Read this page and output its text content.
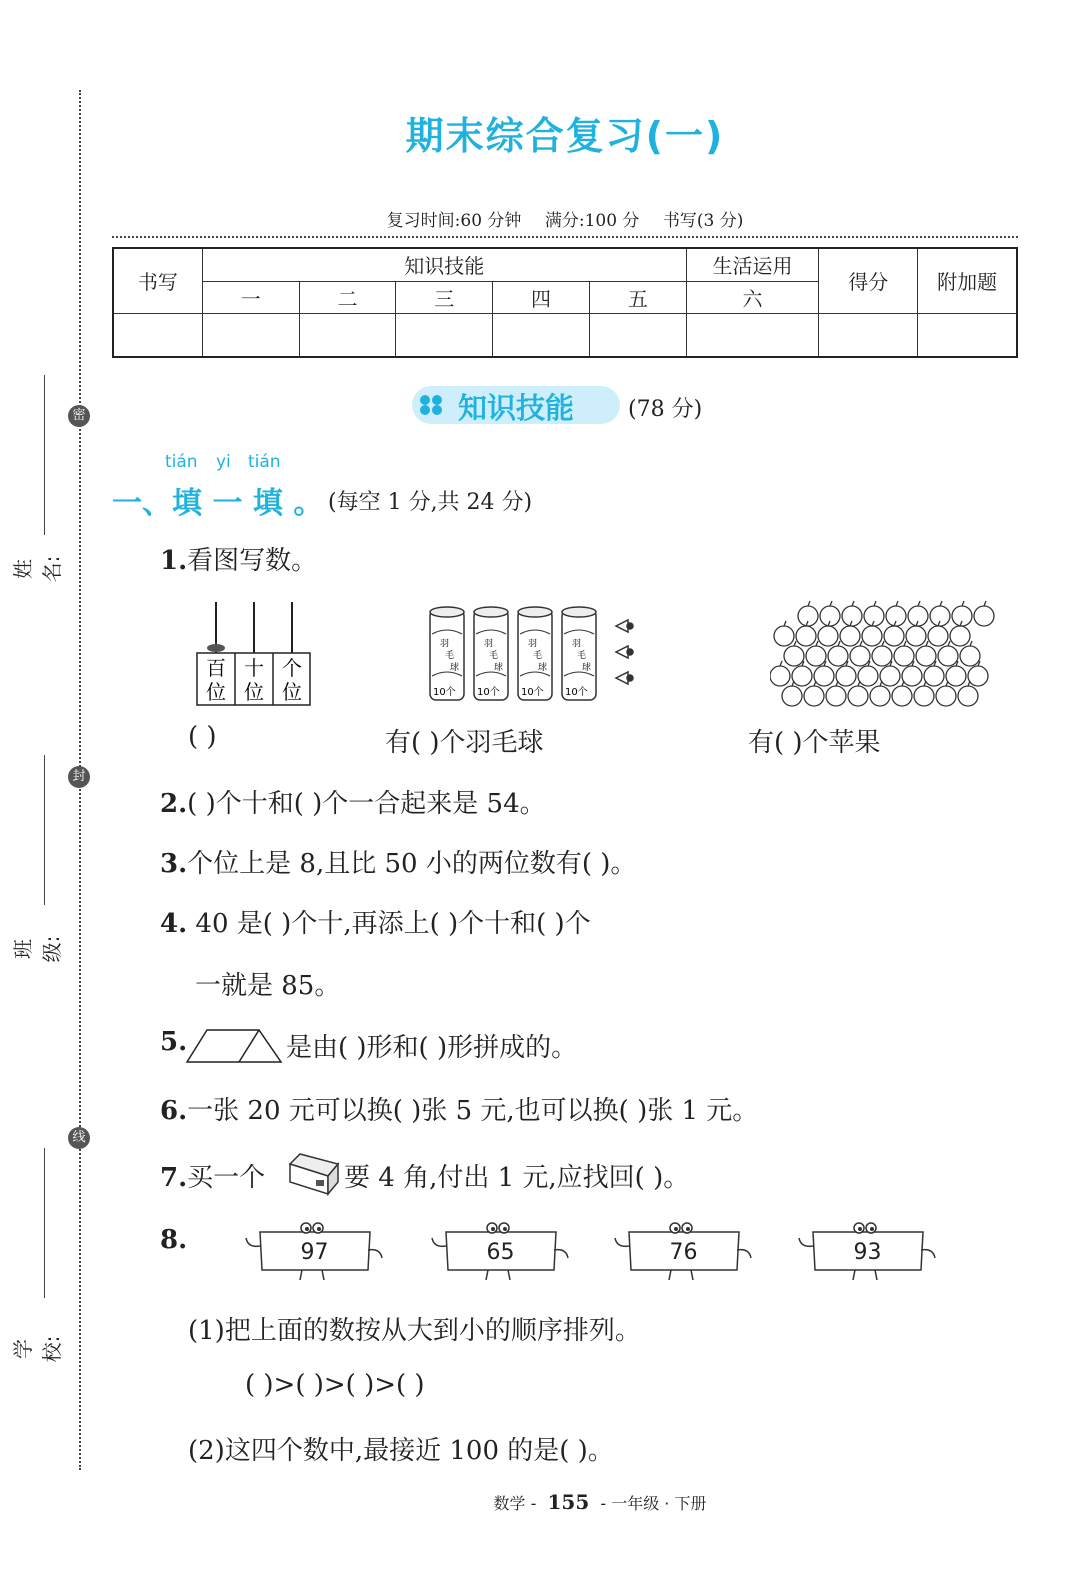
密
封
线
姓名:
班级:
学校:
期末综合复习(一)
复习时间:60 分钟 满分:100 分 书写(3 分)
书写	知识技能					生活运用	得分	附加题
	一	二	三	四	五	六		

知识技能 (78 分)
tián yi tián
一、填 一 填 。 (每空 1 分,共 24 分)
1.看图写数。
百
位
十
位
个
位
羽
毛
球
10个
羽
毛
球
10个
羽
毛
球
10个
羽
毛
球
10个
( )	有( )个羽毛球	有( )个苹果
2.( )个十和( )个一合起来是 54。
3.个位上是 8,且比 50 小的两位数有( )。
4. 40 是( )个十,再添上( )个十和( )个
一就是 85。
5.	是由( )形和( )形拼成的。
6.一张 20 元可以换( )张 5 元,也可以换( )张 1 元。
7.买一个	要 4 角,付出 1 元,应找回( )。
8.	97	65	76	93
(1)把上面的数按从大到小的顺序排列。
( )>( )>( )>( )
(2)这四个数中,最接近 100 的是( )。
数学 - 155 - 一年级 · 下册
